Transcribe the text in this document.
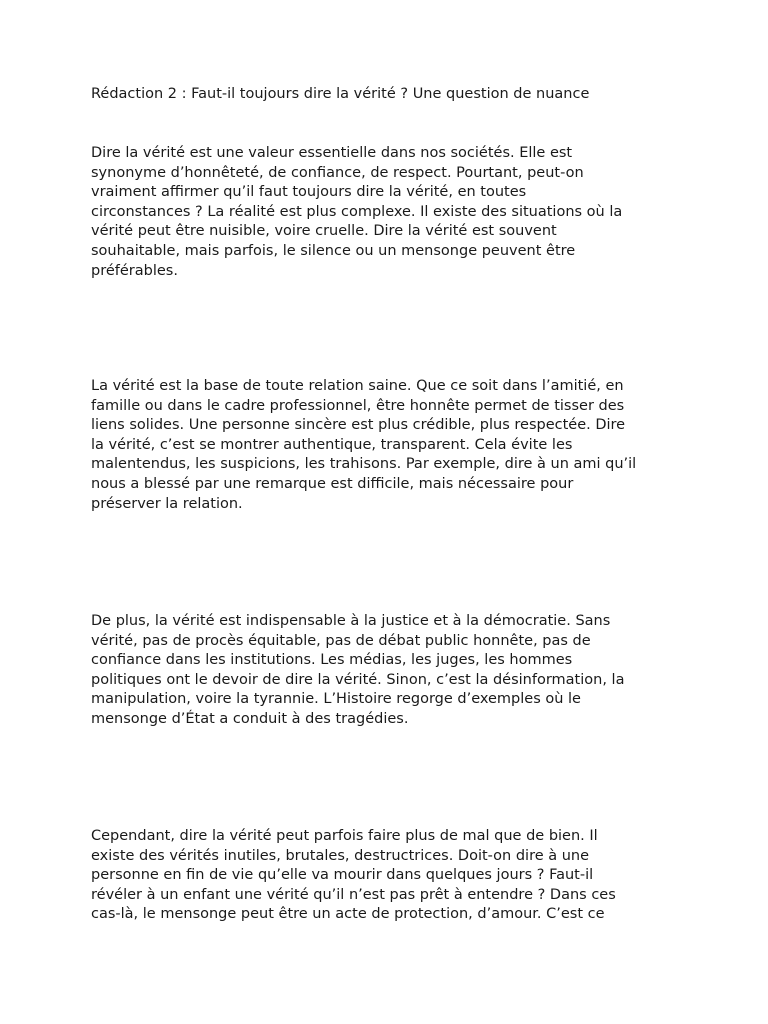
Rédaction 2 : Faut-il toujours dire la vérité ? Une question de nuance

Dire la vérité est une valeur essentielle dans nos sociétés. Elle est
synonyme d’honnêteté, de confiance, de respect. Pourtant, peut-on
vraiment affirmer qu’il faut toujours dire la vérité, en toutes
circonstances ? La réalité est plus complexe. Il existe des situations où la
vérité peut être nuisible, voire cruelle. Dire la vérité est souvent
souhaitable, mais parfois, le silence ou un mensonge peuvent être
préférables.

La vérité est la base de toute relation saine. Que ce soit dans l’amitié, en
famille ou dans le cadre professionnel, être honnête permet de tisser des
liens solides. Une personne sincère est plus crédible, plus respectée. Dire
la vérité, c’est se montrer authentique, transparent. Cela évite les
malentendus, les suspicions, les trahisons. Par exemple, dire à un ami qu’il
nous a blessé par une remarque est difficile, mais nécessaire pour
préserver la relation.

De plus, la vérité est indispensable à la justice et à la démocratie. Sans
vérité, pas de procès équitable, pas de débat public honnête, pas de
confiance dans les institutions. Les médias, les juges, les hommes
politiques ont le devoir de dire la vérité. Sinon, c’est la désinformation, la
manipulation, voire la tyrannie. L’Histoire regorge d’exemples où le
mensonge d’État a conduit à des tragédies.

Cependant, dire la vérité peut parfois faire plus de mal que de bien. Il
existe des vérités inutiles, brutales, destructrices. Doit-on dire à une
personne en fin de vie qu’elle va mourir dans quelques jours ? Faut-il
révéler à un enfant une vérité qu’il n’est pas prêt à entendre ? Dans ces
cas-là, le mensonge peut être un acte de protection, d’amour. C’est ce
